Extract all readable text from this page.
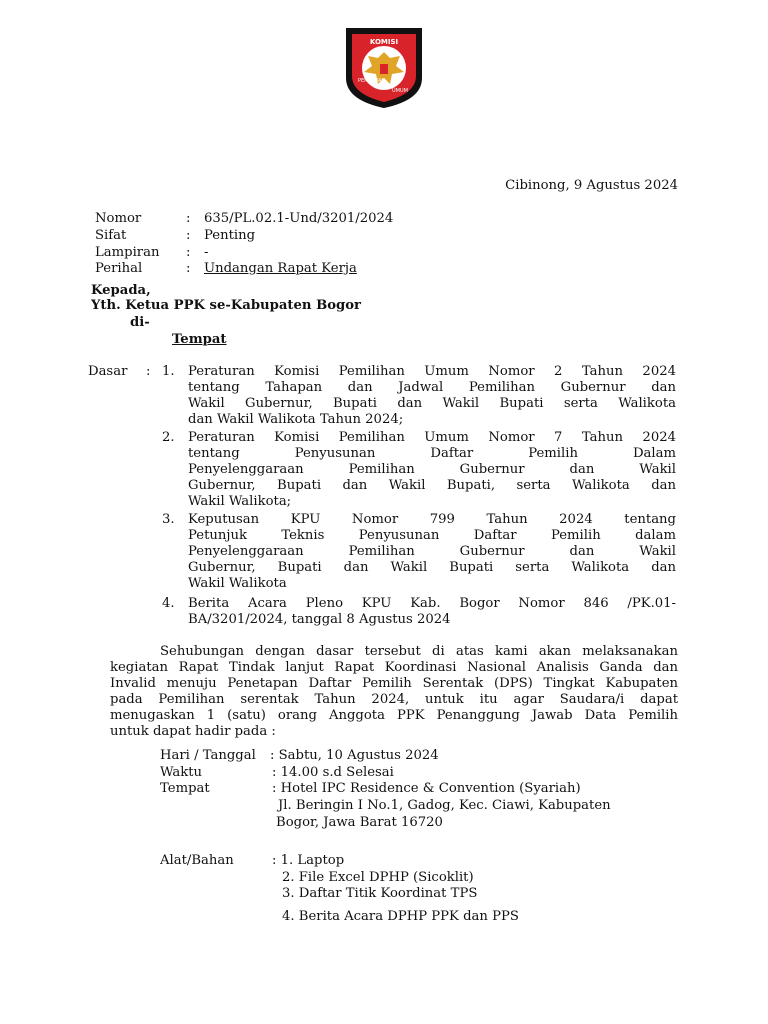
KOMISI
PEMILIHAN
UMUM
Cibinong, 9 Agustus 2024
Nomor	: 635/PL.02.1-Und/3201/2024
Sifat	: Penting
Lampiran : -
Perihal	: Undangan Rapat Kerja
Kepada,
Yth. Ketua PPK se-Kabupaten Bogor
di-
Tempat
Dasar : 1. Peraturan Komisi Pemilihan Umum Nomor 2 Tahun 2024
tentang Tahapan dan Jadwal Pemilihan Gubernur dan
Wakil Gubernur, Bupati dan Wakil Bupati serta Walikota
dan Wakil Walikota Tahun 2024;
2. Peraturan Komisi Pemilihan Umum Nomor 7 Tahun 2024
tentang Penyusunan Daftar Pemilih Dalam
Penyelenggaraan Pemilihan Gubernur dan Wakil
Gubernur, Bupati dan Wakil Bupati, serta Walikota dan
Wakil Walikota;
3. Keputusan KPU Nomor 799 Tahun 2024 tentang
Petunjuk Teknis Penyusunan Daftar Pemilih dalam
Penyelenggaraan Pemilihan Gubernur dan Wakil
Gubernur, Bupati dan Wakil Bupati serta Walikota dan
Wakil Walikota
4. Berita Acara Pleno KPU Kab. Bogor Nomor 846 /PK.01-
BA/3201/2024, tanggal 8 Agustus 2024
Sehubungan dengan dasar tersebut di atas kami akan melaksanakan
kegiatan Rapat Tindak lanjut Rapat Koordinasi Nasional Analisis Ganda dan
Invalid menuju Penetapan Daftar Pemilih Serentak (DPS) Tingkat Kabupaten
pada Pemilihan serentak Tahun 2024, untuk itu agar Saudara/i dapat
menugaskan 1 (satu) orang Anggota PPK Penanggung Jawab Data Pemilih
untuk dapat hadir pada :
Hari / Tanggal : Sabtu, 10 Agustus 2024
Waktu	: 14.00 s.d Selesai
Tempat	: Hotel IPC Residence & Convention (Syariah)
Jl. Beringin I No.1, Gadog, Kec. Ciawi, Kabupaten
Bogor, Jawa Barat 16720
Alat/Bahan	: 1. Laptop
2. File Excel DPHP (Sicoklit)
3. Daftar Titik Koordinat TPS
4. Berita Acara DPHP PPK dan PPS
